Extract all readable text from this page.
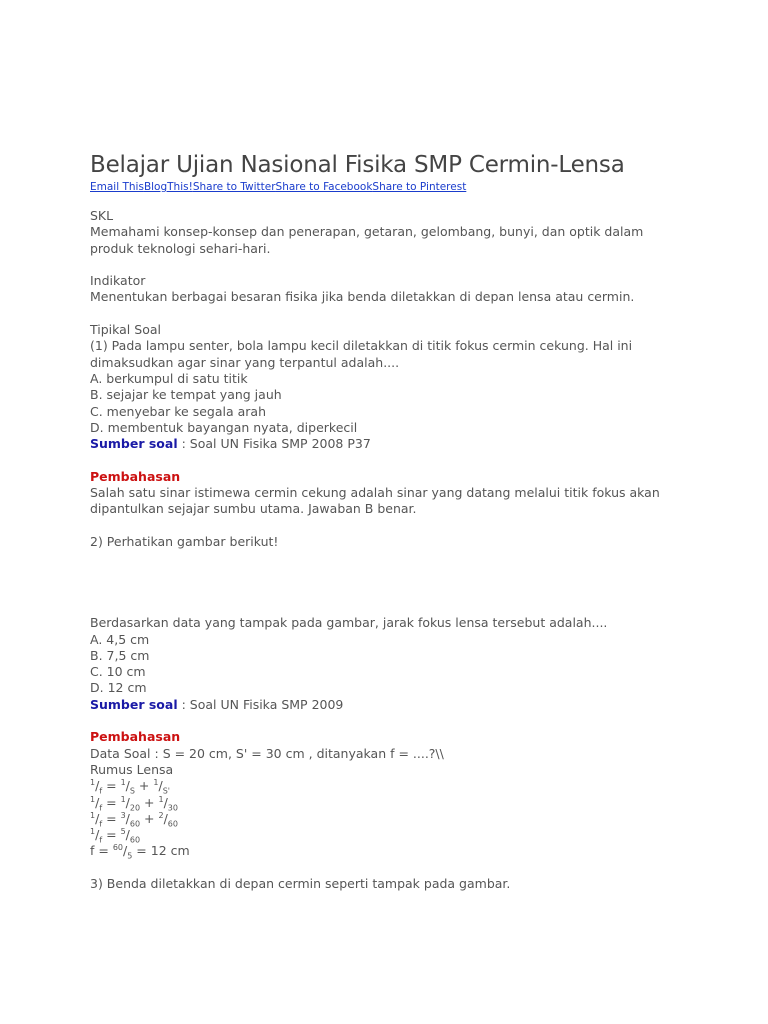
Belajar Ujian Nasional Fisika SMP Cermin-Lensa
Email ThisBlogThis!Share to TwitterShare to FacebookShare to Pinterest
SKL
Memahami konsep-konsep dan penerapan, getaran, gelombang, bunyi, dan optik dalam
produk teknologi sehari-hari.
Indikator
Menentukan berbagai besaran fisika jika benda diletakkan di depan lensa atau cermin.
Tipikal Soal
(1) Pada lampu senter, bola lampu kecil diletakkan di titik fokus cermin cekung. Hal ini
dimaksudkan agar sinar yang terpantul adalah....
A. berkumpul di satu titik
B. sejajar ke tempat yang jauh
C. menyebar ke segala arah
D. membentuk bayangan nyata, diperkecil
Sumber soal : Soal UN Fisika SMP 2008 P37
Pembahasan
Salah satu sinar istimewa cermin cekung adalah sinar yang datang melalui titik fokus akan
dipantulkan sejajar sumbu utama. Jawaban B benar.
2) Perhatikan gambar berikut!
Berdasarkan data yang tampak pada gambar, jarak fokus lensa tersebut adalah....
A. 4,5 cm
B. 7,5 cm
C. 10 cm
D. 12 cm
Sumber soal : Soal UN Fisika SMP 2009
Pembahasan
Data Soal : S = 20 cm, S' = 30 cm , ditanyakan f = ....?\\
Rumus Lensa
$^1/_f = ^1/_S + ^1/_{S'}$
$^1/_f = ^1/_{20} + ^1/_{30}$
$^1/_f = ^3/_{60} + ^2/_{60}$
$^1/_f = ^5/_{60}$
$f = ^{60}/_5 = 12$ cm
3) Benda diletakkan di depan cermin seperti tampak pada gambar.
